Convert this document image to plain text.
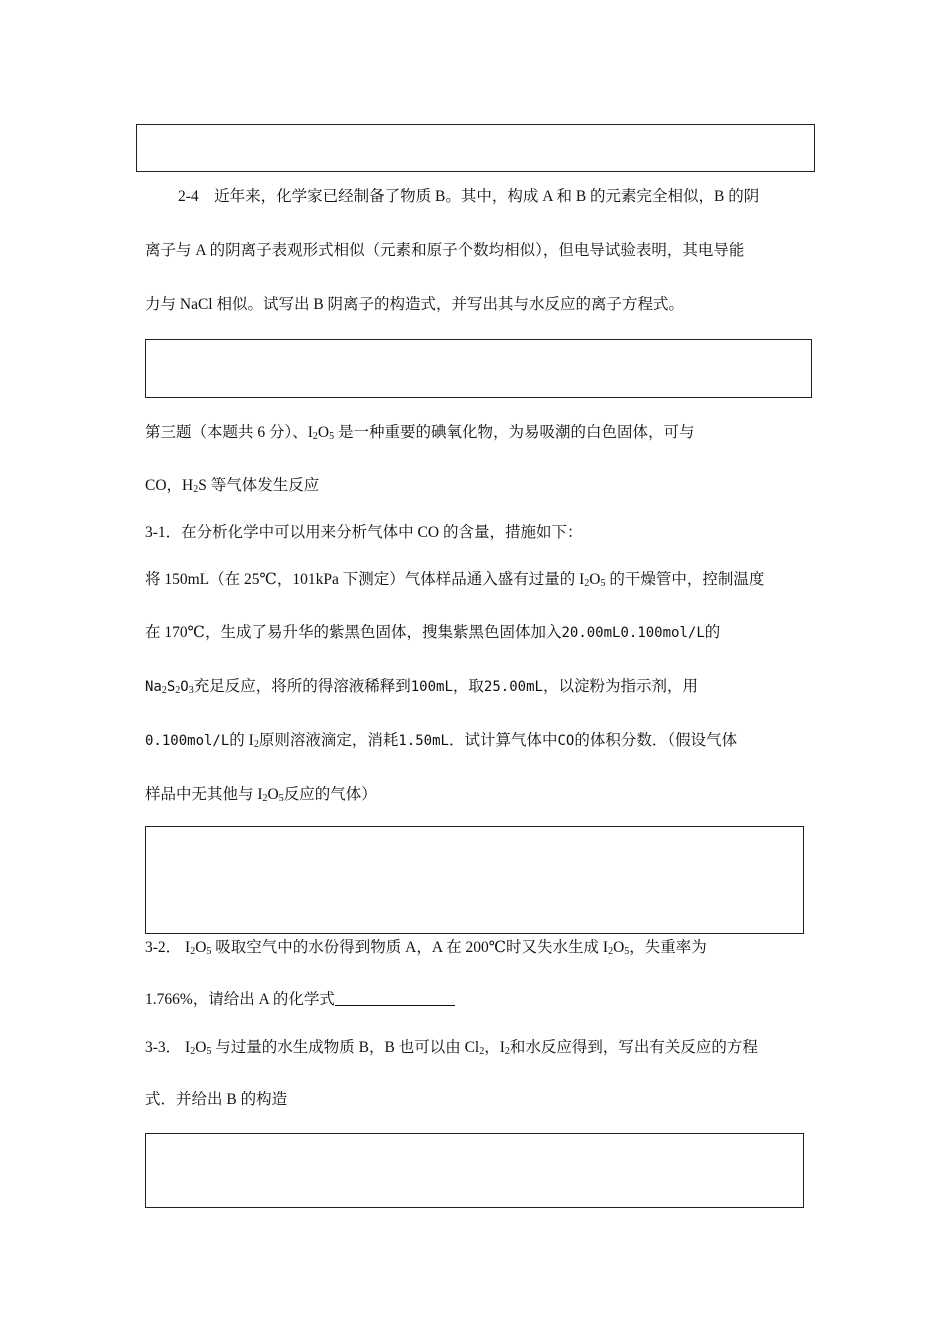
2-4　近年来，化学家已经制备了物质 B。其中，构成 A 和 B 的元素完全相似，B 的阴
离子与 A 的阴离子表观形式相似（元素和原子个数均相似），但电导试验表明，其电导能
力与 NaCl 相似。试写出 B 阴离子的构造式，并写出其与水反应的离子方程式。
第三题（本题共 6 分）、$I_2O_5$ 是一种重要的碘氧化物，为易吸潮的白色固体，可与
CO，$H_2S$ 等气体发生反应
3-1．在分析化学中可以用来分析气体中 CO 的含量，措施如下：
将 150mL（在 25℃，101kPa 下测定）气体样品通入盛有过量的 $I_2O_5$ 的干燥管中，控制温度
在 170℃，生成了易升华的紫黑色固体，搜集紫黑色固体加入20.00mL0.100mol/L的
$Na_2S_2O_3$充足反应，将所的得溶液稀释到100mL，取25.00mL，以淀粉为指示剂，用
0.100mol/L的 $I_2$原则溶液滴定，消耗1.50mL．试计算气体中CO的体积分数．（假设气体
样品中无其他与 $I_2O_5$反应的气体）
3-2． $I_2O_5$ 吸取空气中的水份得到物质 A，A 在 200℃时又失水生成 $I_2O_5$，失重率为
1.766%，请给出 A 的化学式
3-3． $I_2O_5$ 与过量的水生成物质 B，B 也可以由 $Cl_2$，$I_2$和水反应得到，写出有关反应的方程
式．并给出 B 的构造
